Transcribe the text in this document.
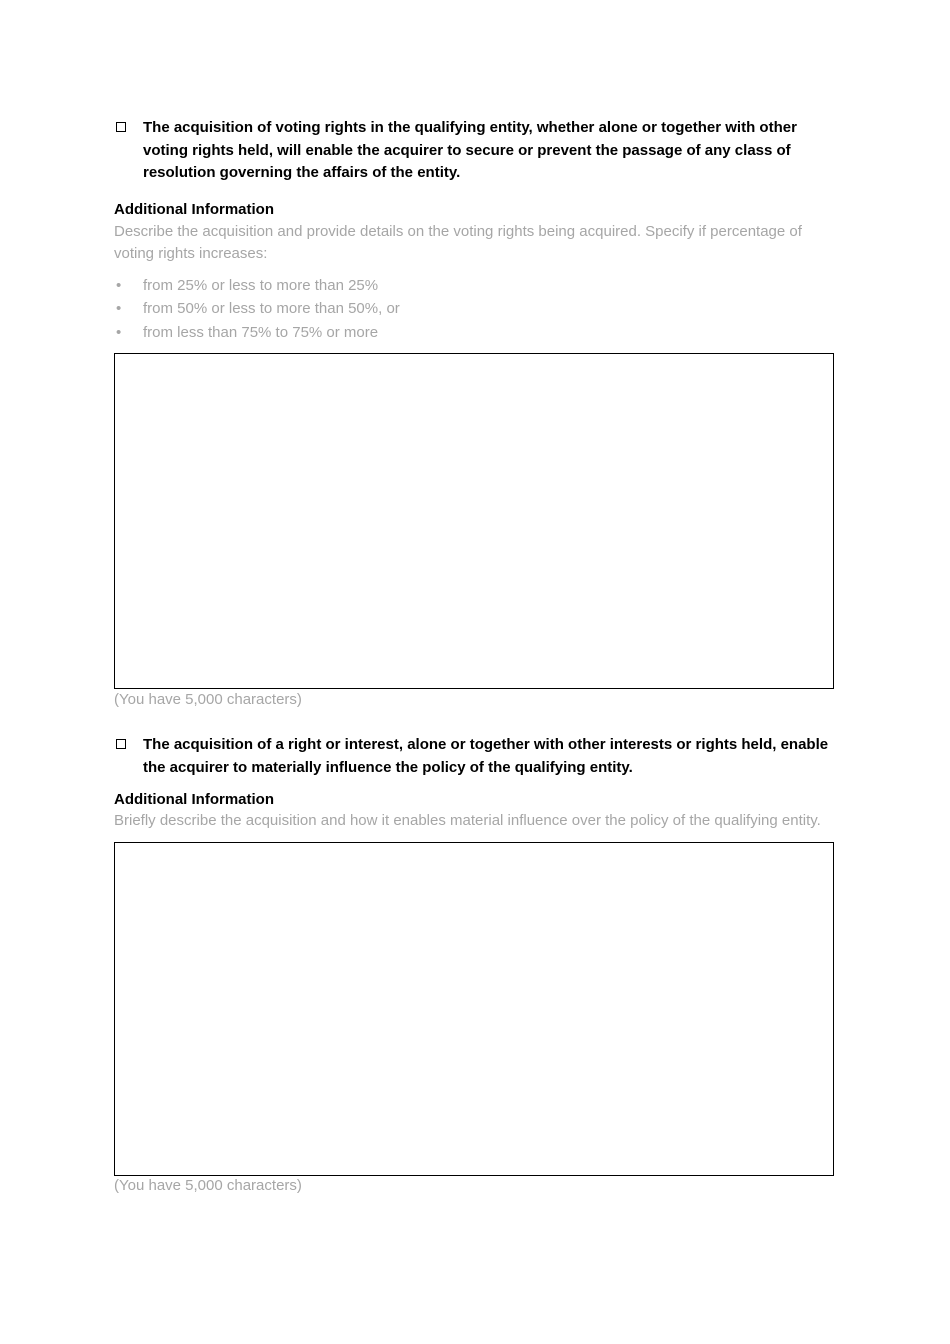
The acquisition of voting rights in the qualifying entity, whether alone or together with other voting rights held, will enable the acquirer to secure or prevent the passage of any class of resolution governing the affairs of the entity.
Additional Information
Describe the acquisition and provide details on the voting rights being acquired. Specify if percentage of voting rights increases:
• from 25% or less to more than 25%
• from 50% or less to more than 50%, or
• from less than 75% to 75% or more
(You have 5,000 characters)
The acquisition of a right or interest, alone or together with other interests or rights held, enable the acquirer to materially influence the policy of the qualifying entity.
Additional Information
Briefly describe the acquisition and how it enables material influence over the policy of the qualifying entity.
(You have 5,000 characters)
